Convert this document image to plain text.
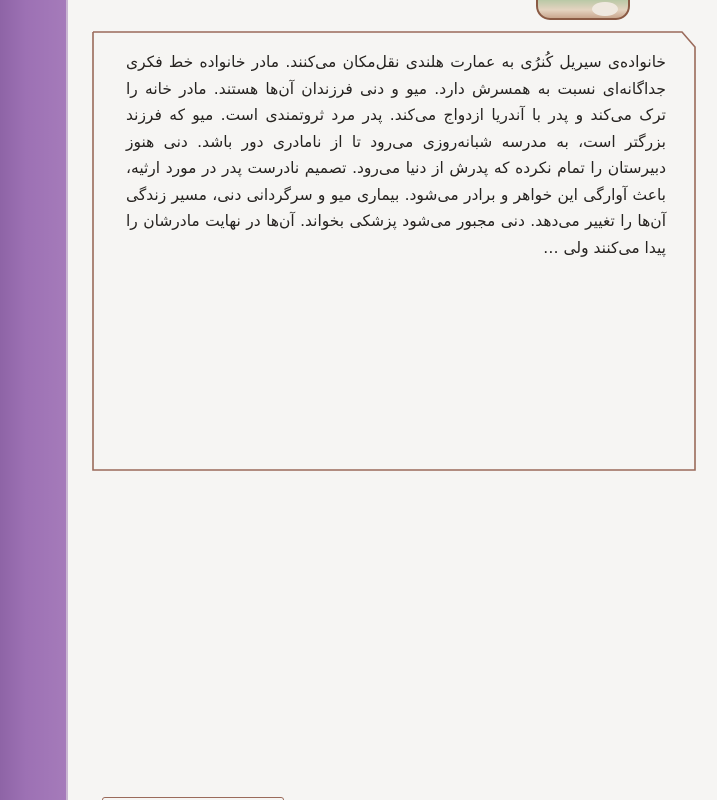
خانواده‌ی سیریل کُنرُی به عمارت هلندی نقل‌مکان می‌کنند. مادر خانواده خط فکری جداگانه‌ای نسبت به همسرش دارد. میو و دنی فرزندان آن‌ها هستند. مادر خانه را ترک می‌کند و پدر با آندریا ازدواج می‌کند. پدر مرد ثروتمندی است. میو که فرزند بزرگتر است، به مدرسه شبانه‌روزی می‌رود تا از نامادری دور باشد. دنی هنوز دبیرستان را تمام نکرده که پدرش از دنیا می‌رود. تصمیم نادرست پدر در مورد ارثیه، باعث آوارگی این خواهر و برادر می‌شود. بیماری میو و سرگردانی دنی، مسیر زندگی آن‌ها را تغییر می‌دهد. دنی مجبور می‌شود پزشکی بخواند. آن‌ها در نهایت مادرشان را پیدا می‌کنند ولی …
